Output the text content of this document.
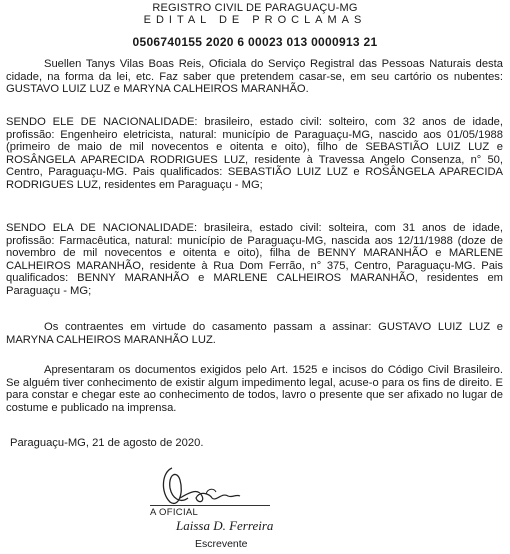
REGISTRO CIVIL DE PARAGUAÇU-MG
EDITAL DE PROCLAMAS
0506740155 2020 6 00023 013 0000913 21

Suellen Tanys Vilas Boas Reis, Oficiala do Serviço Registral das Pessoas Naturais desta cidade, na forma da lei, etc. Faz saber que pretendem casar-se, em seu cartório os nubentes: GUSTAVO LUIZ LUZ e MARYNA CALHEIROS MARANHÃO.

SENDO ELE DE NACIONALIDADE: brasileiro, estado civil: solteiro, com 32 anos de idade, profissão: Engenheiro eletricista, natural: município de Paraguaçu-MG, nascido aos 01/05/1988 (primeiro de maio de mil novecentos e oitenta e oito), filho de SEBASTIÃO LUIZ LUZ e ROSÂNGELA APARECIDA RODRIGUES LUZ, residente à Travessa Angelo Consenza, n° 50, Centro, Paraguaçu-MG. Pais qualificados: SEBASTIÃO LUIZ LUZ e ROSÂNGELA APARECIDA RODRIGUES LUZ, residentes em Paraguaçu - MG;

SENDO ELA DE NACIONALIDADE: brasileira, estado civil: solteira, com 31 anos de idade, profissão: Farmacêutica, natural: município de Paraguaçu-MG, nascida aos 12/11/1988 (doze de novembro de mil novecentos e oitenta e oito), filha de BENNY MARANHÃO e MARLENE CALHEIROS MARANHÃO, residente à Rua Dom Ferrão, n° 375, Centro, Paraguaçu-MG. Pais qualificados: BENNY MARANHÃO e MARLENE CALHEIROS MARANHÃO, residentes em Paraguaçu - MG;

Os contraentes em virtude do casamento passam a assinar: GUSTAVO LUIZ LUZ e MARYNA CALHEIROS MARANHÃO LUZ.

Apresentaram os documentos exigidos pelo Art. 1525 e incisos do Código Civil Brasileiro. Se alguém tiver conhecimento de existir algum impedimento legal, acuse-o para os fins de direito. E para constar e chegar este ao conhecimento de todos, lavro o presente que ser afixado no lugar de costume e publicado na imprensa.

Paraguaçu-MG, 21 de agosto de 2020.

A OFICIAL
Laissa D. Ferreira
Escrevente
